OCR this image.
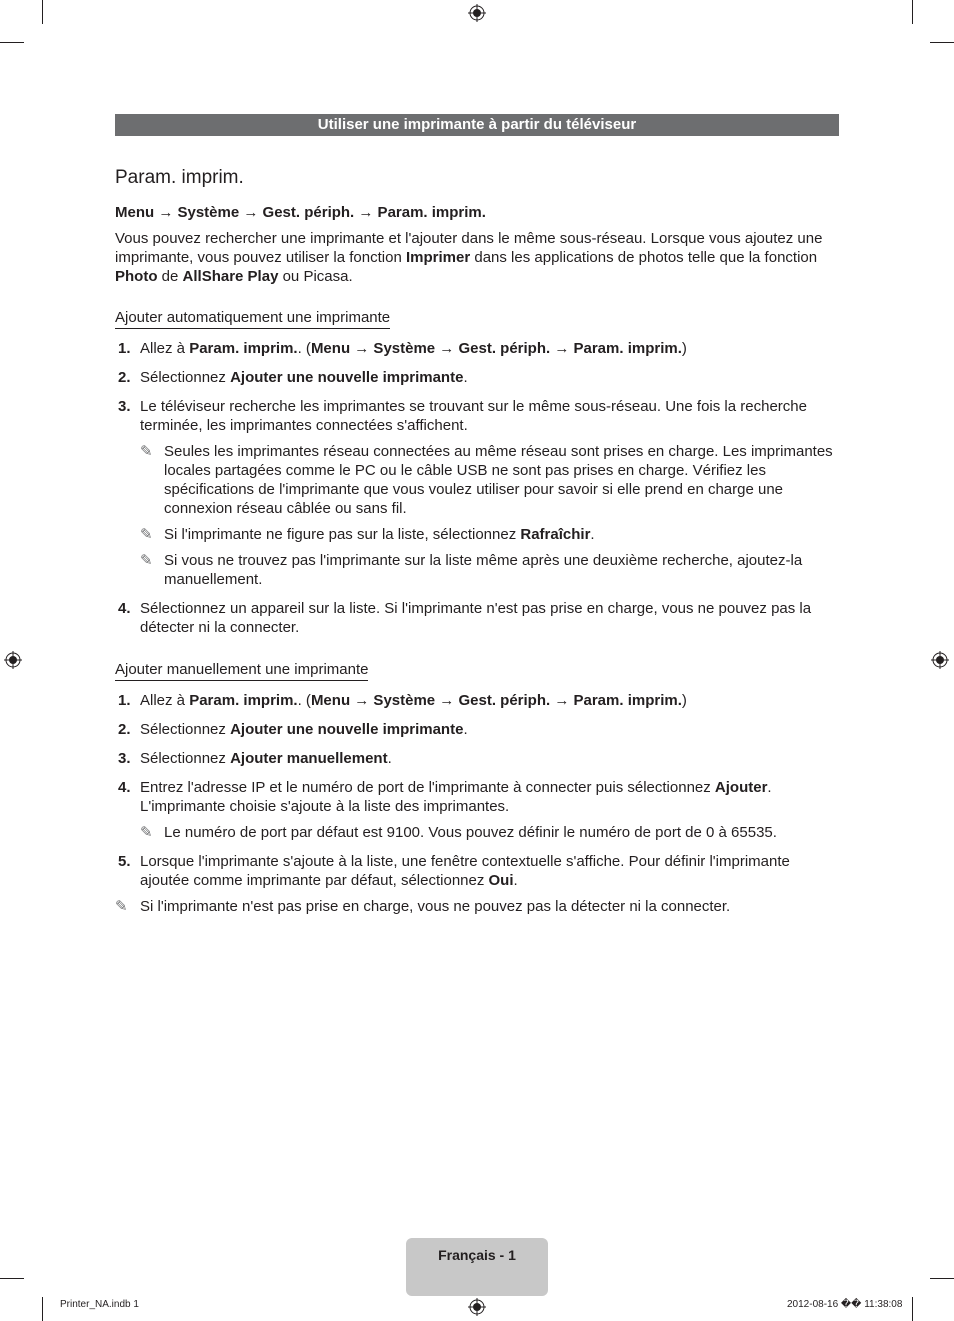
Utiliser une imprimante à partir du téléviseur
Param. imprim.
Menu → Système → Gest. périph. → Param. imprim.
Vous pouvez rechercher une imprimante et l'ajouter dans le même sous-réseau. Lorsque vous ajoutez une imprimante, vous pouvez utiliser la fonction Imprimer dans les applications de photos telle que la fonction Photo de AllShare Play ou Picasa.
Ajouter automatiquement une imprimante
1. Allez à Param. imprim.. (Menu → Système → Gest. périph. → Param. imprim.)
2. Sélectionnez Ajouter une nouvelle imprimante.
3. Le téléviseur recherche les imprimantes se trouvant sur le même sous-réseau. Une fois la recherche terminée, les imprimantes connectées s'affichent.
✎ Seules les imprimantes réseau connectées au même réseau sont prises en charge. Les imprimantes locales partagées comme le PC ou le câble USB ne sont pas prises en charge. Vérifiez les spécifications de l'imprimante que vous voulez utiliser pour savoir si elle prend en charge une connexion réseau câblée ou sans fil.
✎ Si l'imprimante ne figure pas sur la liste, sélectionnez Rafraîchir.
✎ Si vous ne trouvez pas l'imprimante sur la liste même après une deuxième recherche, ajoutez-la manuellement.
4. Sélectionnez un appareil sur la liste. Si l'imprimante n'est pas prise en charge, vous ne pouvez pas la détecter ni la connecter.
Ajouter manuellement une imprimante
1. Allez à Param. imprim.. (Menu → Système → Gest. périph. → Param. imprim.)
2. Sélectionnez Ajouter une nouvelle imprimante.
3. Sélectionnez Ajouter manuellement.
4. Entrez l'adresse IP et le numéro de port de l'imprimante à connecter puis sélectionnez Ajouter. L'imprimante choisie s'ajoute à la liste des imprimantes.
✎ Le numéro de port par défaut est 9100. Vous pouvez définir le numéro de port de 0 à 65535.
5. Lorsque l'imprimante s'ajoute à la liste, une fenêtre contextuelle s'affiche. Pour définir l'imprimante ajoutée comme imprimante par défaut, sélectionnez Oui.
✎ Si l'imprimante n'est pas prise en charge, vous ne pouvez pas la détecter ni la connecter.
Français - 1
Printer_NA.indb 1	2012-08-16 �� 11:38:08
